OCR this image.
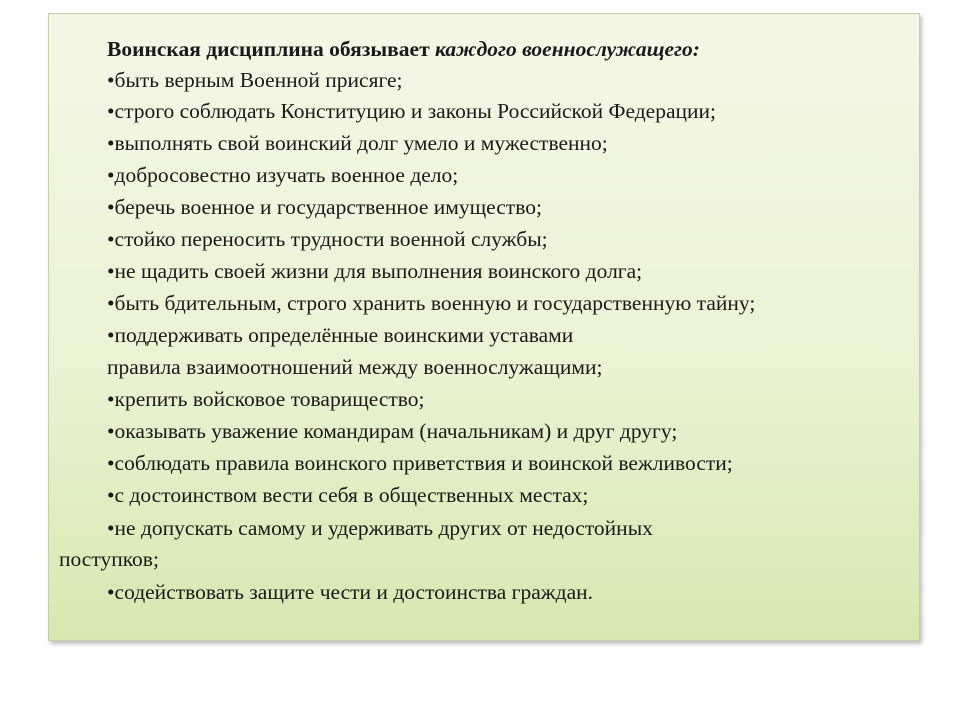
Воинская дисциплина обязывает каждого военнослужащего:
•быть верным Военной присяге;
•строго соблюдать Конституцию и законы Российской Федерации;
•выполнять свой воинский долг умело и мужественно;
•добросовестно изучать военное дело;
•беречь военное и государственное имущество;
•стойко переносить трудности военной службы;
•не щадить своей жизни для выполнения воинского долга;
•быть бдительным, строго хранить военную и государственную тайну;
•поддерживать определённые воинскими уставами
правила взаимоотношений между военнослужащими;
•крепить войсковое товарищество;
•оказывать уважение командирам (начальникам) и друг другу;
•соблюдать правила воинского приветствия и воинской вежливости;
•с достоинством вести себя в общественных местах;
•не допускать самому и удерживать других от недостойных
поступков;
•содействовать защите чести и достоинства граждан.
